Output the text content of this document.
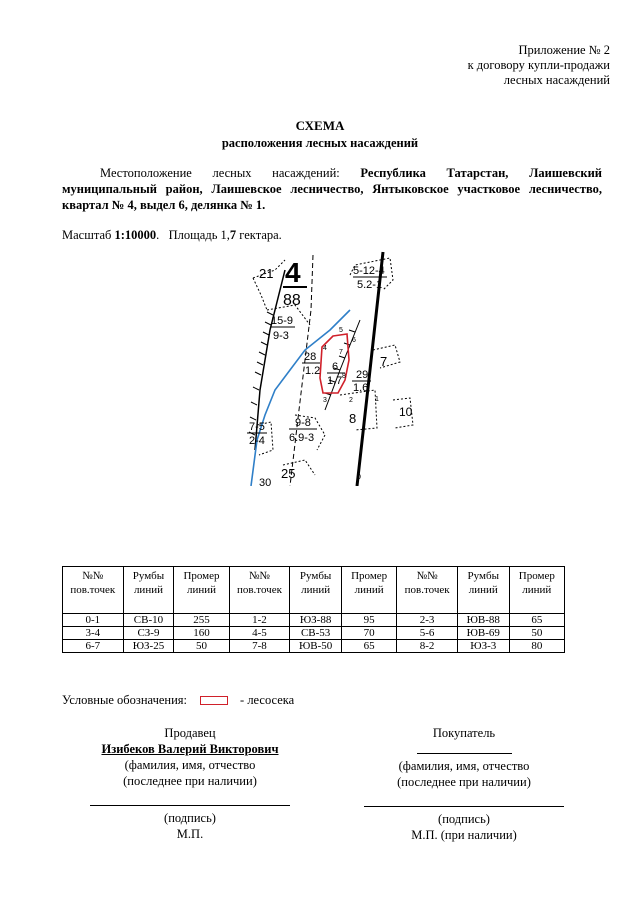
Приложение № 2
к договору купли-продажи
лесных насаждений
СХЕМА
расположения лесных насаждений
Местоположение лесных насаждений: Республика Татарстан, Лаишевский муниципальный район, Лаишевское лесничество, Янтыковское участковое лесничество, квартал № 4, выдел 6, делянка № 1.
Масштаб 1:10000.   Площадь 1,7 гектара.
21 4
88
5-12-4
5.2-1
15-9
9-3
28
1.2 6
1.7 29
1.6
7
8
9-8
6.9-3
7-5
2-4
25
30
10
0
1
2
3
4
5
6
7
8
№№ пов.точек	Румбы линий	Промер линий	№№ пов.точек	Румбы линий	Промер линий	№№ пов.точек	Румбы линий	Промер линий
0-1	СВ-10	255	1-2	ЮЗ-88	95	2-3	ЮВ-88	65
3-4	СЗ-9	160	4-5	СВ-53	70	5-6	ЮВ-69	50
6-7	ЮЗ-25	50	7-8	ЮВ-50	65	8-2	ЮЗ-3	80
Условные обозначения:	- лесосека
Продавец
Изибеков Валерий Викторович
(фамилия, имя, отчество
(последнее при наличии)
(подпись)
М.П.
Покупатель
(фамилия, имя, отчество
(последнее при наличии)
(подпись)
М.П. (при наличии)
